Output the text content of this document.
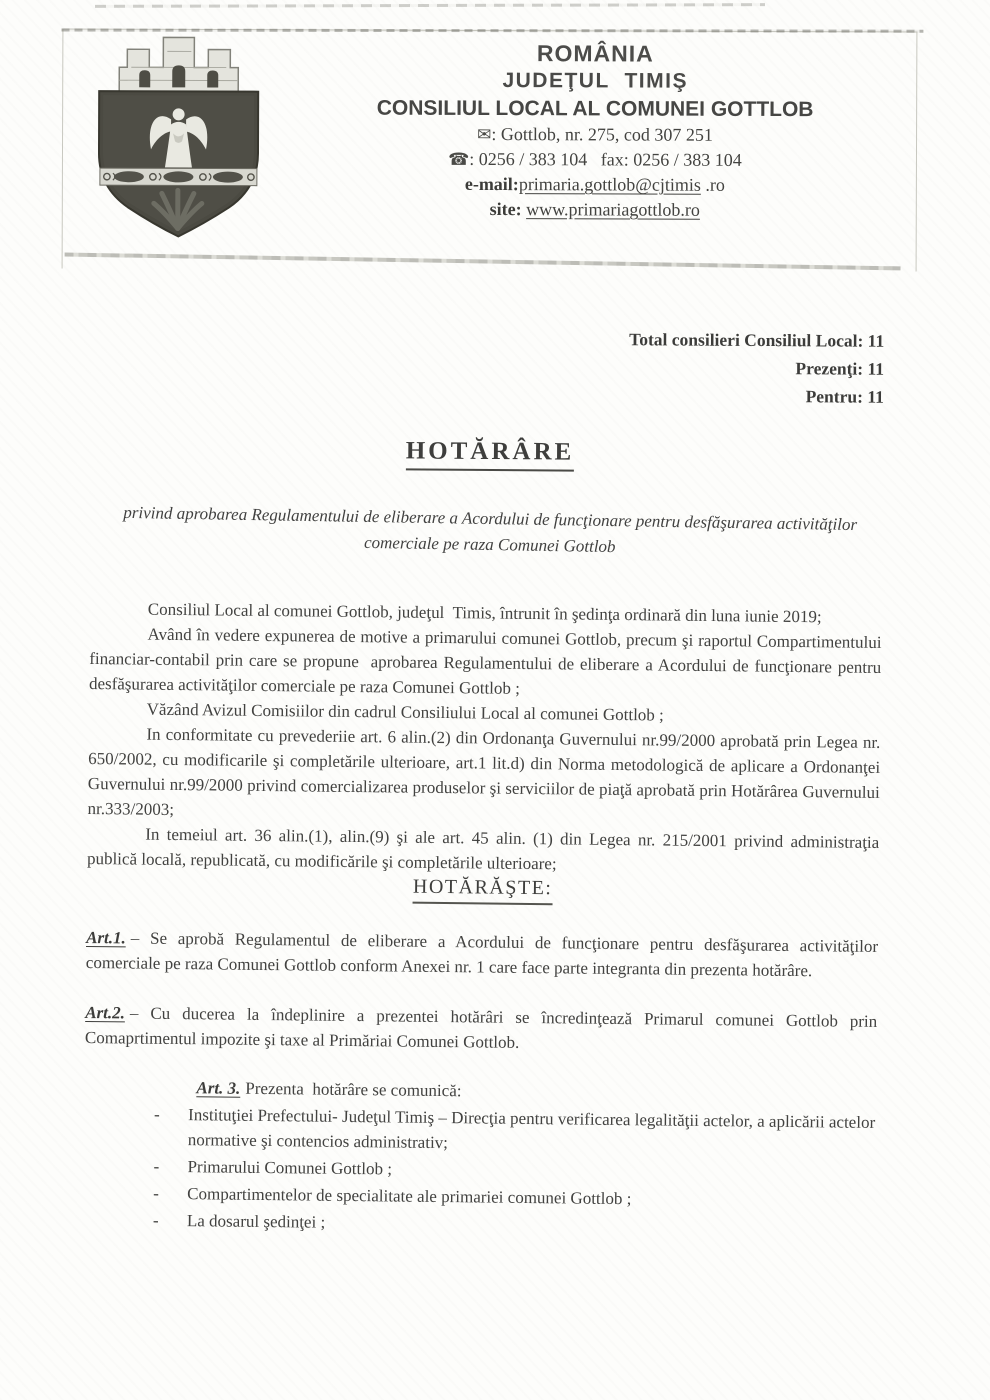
ROMÂNIA
JUDEŢUL  TIMIŞ
CONSILIUL LOCAL AL COMUNEI GOTTLOB
✉: Gottlob, nr. 275, cod 307 251
☎: 0256 / 383 104   fax: 0256 / 383 104
e-mail:primaria.gottlob@cjtimis .ro
site: www.primariagottlob.ro
Total consilieri Consiliul Local: 11
Prezenţi: 11
Pentru: 11
HOTĂRÂRE
privind aprobarea Regulamentului de eliberare a Acordului de funcţionare pentru desfăşurarea activităţilor comerciale pe raza Comunei Gottlob

Consiliul Local al comunei Gottlob, judeţul  Timis, întrunit în şedinţa ordinară din luna iunie 2019;

Având în vedere expunerea de motive a primarului comunei Gottlob, precum şi raportul Compartimentului financiar-contabil prin care se propune  aprobarea Regulamentului de eliberare a Acordului de funcţionare pentru desfăşurarea activităţilor comerciale pe raza Comunei Gottlob ;

Văzând Avizul Comisiilor din cadrul Consiliului Local al comunei Gottlob ;

In conformitate cu prevederiie art. 6 alin.(2) din Ordonanţa Guvernului nr.99/2000 aprobată prin Legea nr. 650/2002, cu modificarile şi completările ulterioare, art.1 lit.d) din Norma metodologică de aplicare a Ordonanţei Guvernului nr.99/2000 privind comercializarea produselor şi serviciilor de piaţă aprobată prin Hotărârea Guvernului nr.333/2003;

In temeiul art. 36 alin.(1), alin.(9) şi ale art. 45 alin. (1) din Legea nr. 215/2001 privind administraţia publică locală, republicată, cu modificările şi completările ulterioare;

HOTĂRĂŞTE:

Art.1. – Se aprobă Regulamentul de eliberare a Acordului de funcţionare pentru desfăşurarea activităţilor comerciale pe raza Comunei Gottlob conform Anexei nr. 1 care face parte integranta din prezenta hotărâre.

Art.2. – Cu ducerea la îndeplinire a prezentei hotărâri se încredinţează Primarul comunei Gottlob prin Comaprtimentul impozite şi taxe al Primăriai Comunei Gottlob.

Art. 3. Prezenta  hotărâre se comunică:

-	Instituţiei Prefectului- Judeţul Timiş – Direcţia pentru verificarea legalităţii actelor, a aplicării actelor normative şi contencios administrativ;
-	Primarului Comunei Gottlob ;
-	Compartimentelor de specialitate ale primariei comunei Gottlob ;
-	La dosarul şedinţei ;
